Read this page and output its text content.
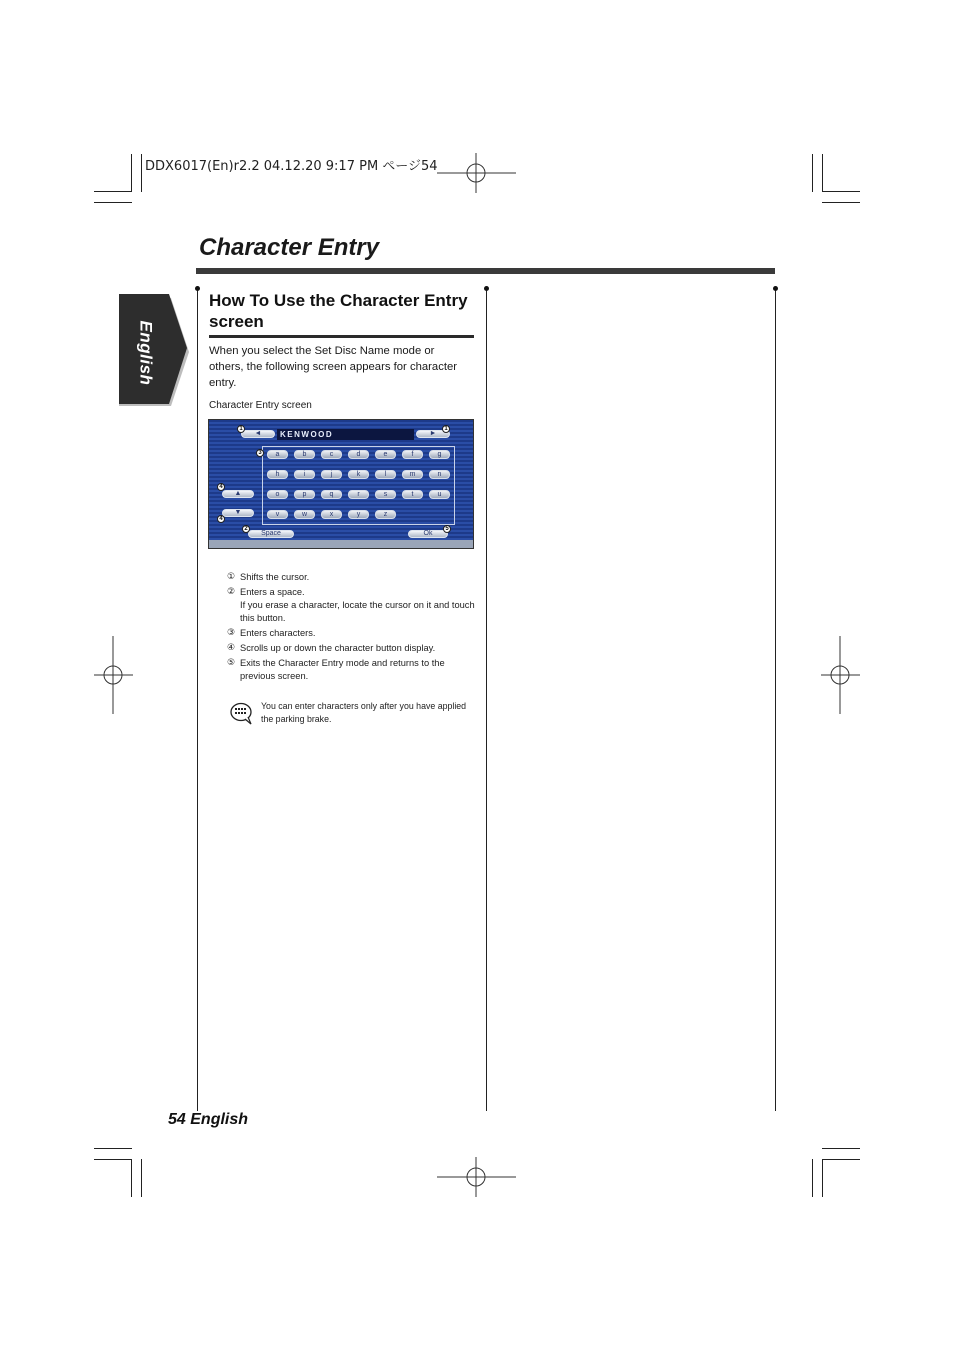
DDX6017(En)r2.2 04.12.20 9:17 PM ページ54
Character Entry
English
How To Use the Character Entry screen
When you select the Set Disc Name mode or others, the following screen appears for character entry.
Character Entry screen
◄	KENWOOD	►
a	b	c	d	e	f	g
h	i	j	k	l	m	n
o	p	q	r	s	t	u
v	w	x	y	z
▲
▼
Space	Ok
1	1
3
4
4
2	5
① Shifts the cursor.
② Enters a space.
If you erase a character, locate the cursor on it and touch this button.
③ Enters characters.
④ Scrolls up or down the character button display.
⑤ Exits the Character Entry mode and returns to the previous screen.
You can enter characters only after you have applied the parking brake.
54 English
